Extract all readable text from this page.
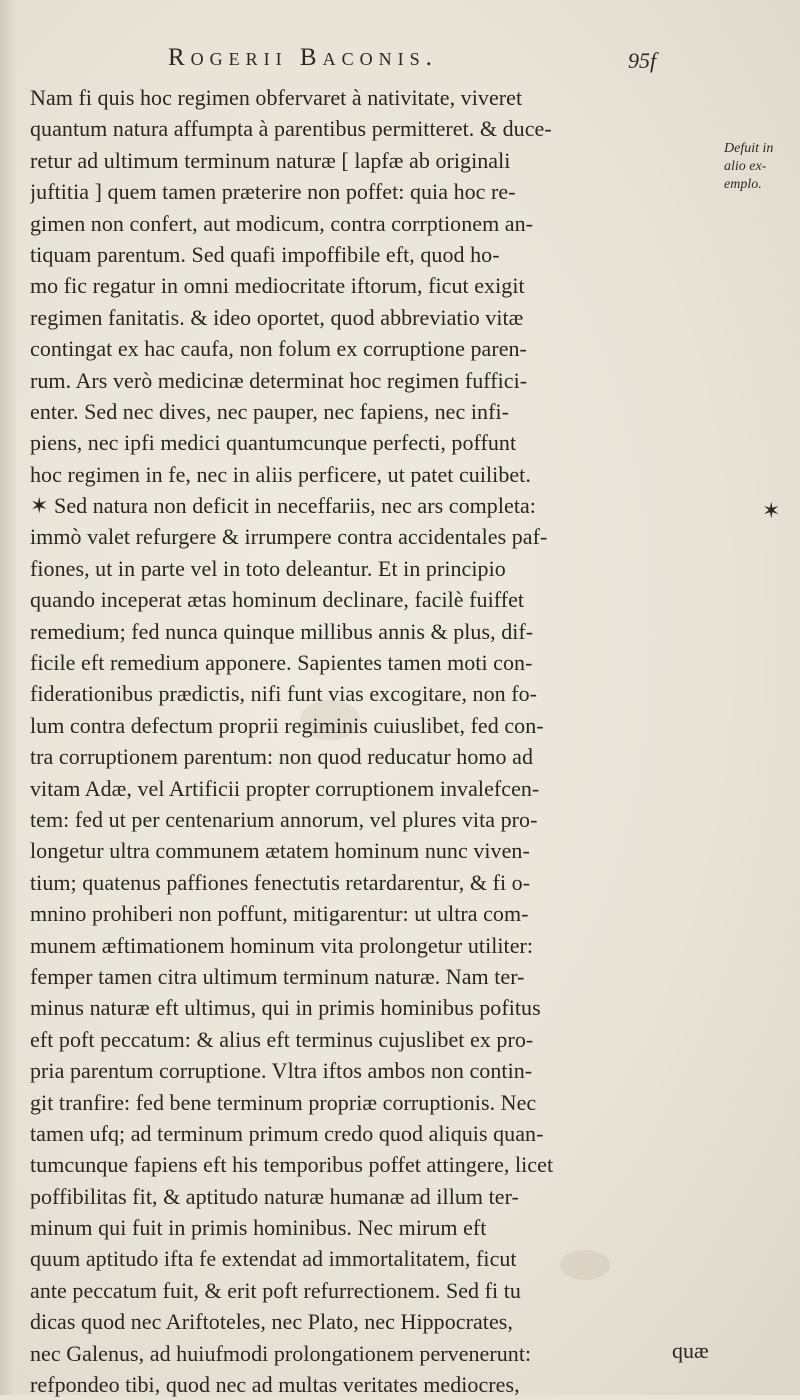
Rogerii Baconis.	95f
Nam fi quis hoc regimen obfervaret à nativitate, viveret
quantum natura affumpta à parentibus permitteret. & duce-
retur ad ultimum terminum naturæ [ lapfæ ab originali
juftitia ] quem tamen præterire non poffet: quia hoc re-
gimen non confert, aut modicum, contra corrptionem an-
tiquam parentum. Sed quafi impoffibile eft, quod ho-
mo fic regatur in omni mediocritate iftorum, ficut exigit
regimen fanitatis. & ideo oportet, quod abbreviatio vitæ
contingat ex hac caufa, non folum ex corruptione paren-
rum. Ars verò medicinæ determinat hoc regimen fuffici-
enter. Sed nec dives, nec pauper, nec fapiens, nec infi-
piens, nec ipfi medici quantumcunque perfecti, poffunt
hoc regimen in fe, nec in aliis perficere, ut patet cuilibet.
✶ Sed natura non deficit in neceffariis, nec ars completa:
immò valet refurgere & irrumpere contra accidentales paf-
fiones, ut in parte vel in toto deleantur. Et in principio
quando inceperat ætas hominum declinare, facilè fuiffet
remedium; fed nunca quinque millibus annis & plus, dif-
ficile eft remedium apponere. Sapientes tamen moti con-
fiderationibus prædictis, nifi funt vias excogitare, non fo-
lum contra defectum proprii regiminis cuiuslibet, fed con-
tra corruptionem parentum: non quod reducatur homo ad
vitam Adæ, vel Artificii propter corruptionem invalefcen-
tem: fed ut per centenarium annorum, vel plures vita pro-
longetur ultra communem ætatem hominum nunc viven-
tium; quatenus paffiones fenectutis retardarentur, & fi o-
mnino prohiberi non poffunt, mitigarentur: ut ultra com-
munem æftimationem hominum vita prolongetur utiliter:
femper tamen citra ultimum terminum naturæ. Nam ter-
minus naturæ eft ultimus, qui in primis hominibus pofitus
eft poft peccatum: & alius eft terminus cujuslibet ex pro-
pria parentum corruptione. Vltra iftos ambos non contin-
git tranfire: fed bene terminum propriæ corruptionis. Nec
tamen ufq; ad terminum primum credo quod aliquis quan-
tumcunque fapiens eft his temporibus poffet attingere, licet
poffibilitas fit, & aptitudo naturæ humanæ ad illum ter-
minum qui fuit in primis hominibus. Nec mirum eft
quum aptitudo ifta fe extendat ad immortalitatem, ficut
ante peccatum fuit, & erit poft refurrectionem. Sed fi tu
dicas quod nec Ariftoteles, nec Plato, nec Hippocrates,
nec Galenus, ad huiufmodi prolongationem pervenerunt:
refpondeo tibi, quod nec ad multas veritates mediocres,
Defuit in
alio ex-
emplo.
✶
quæ
